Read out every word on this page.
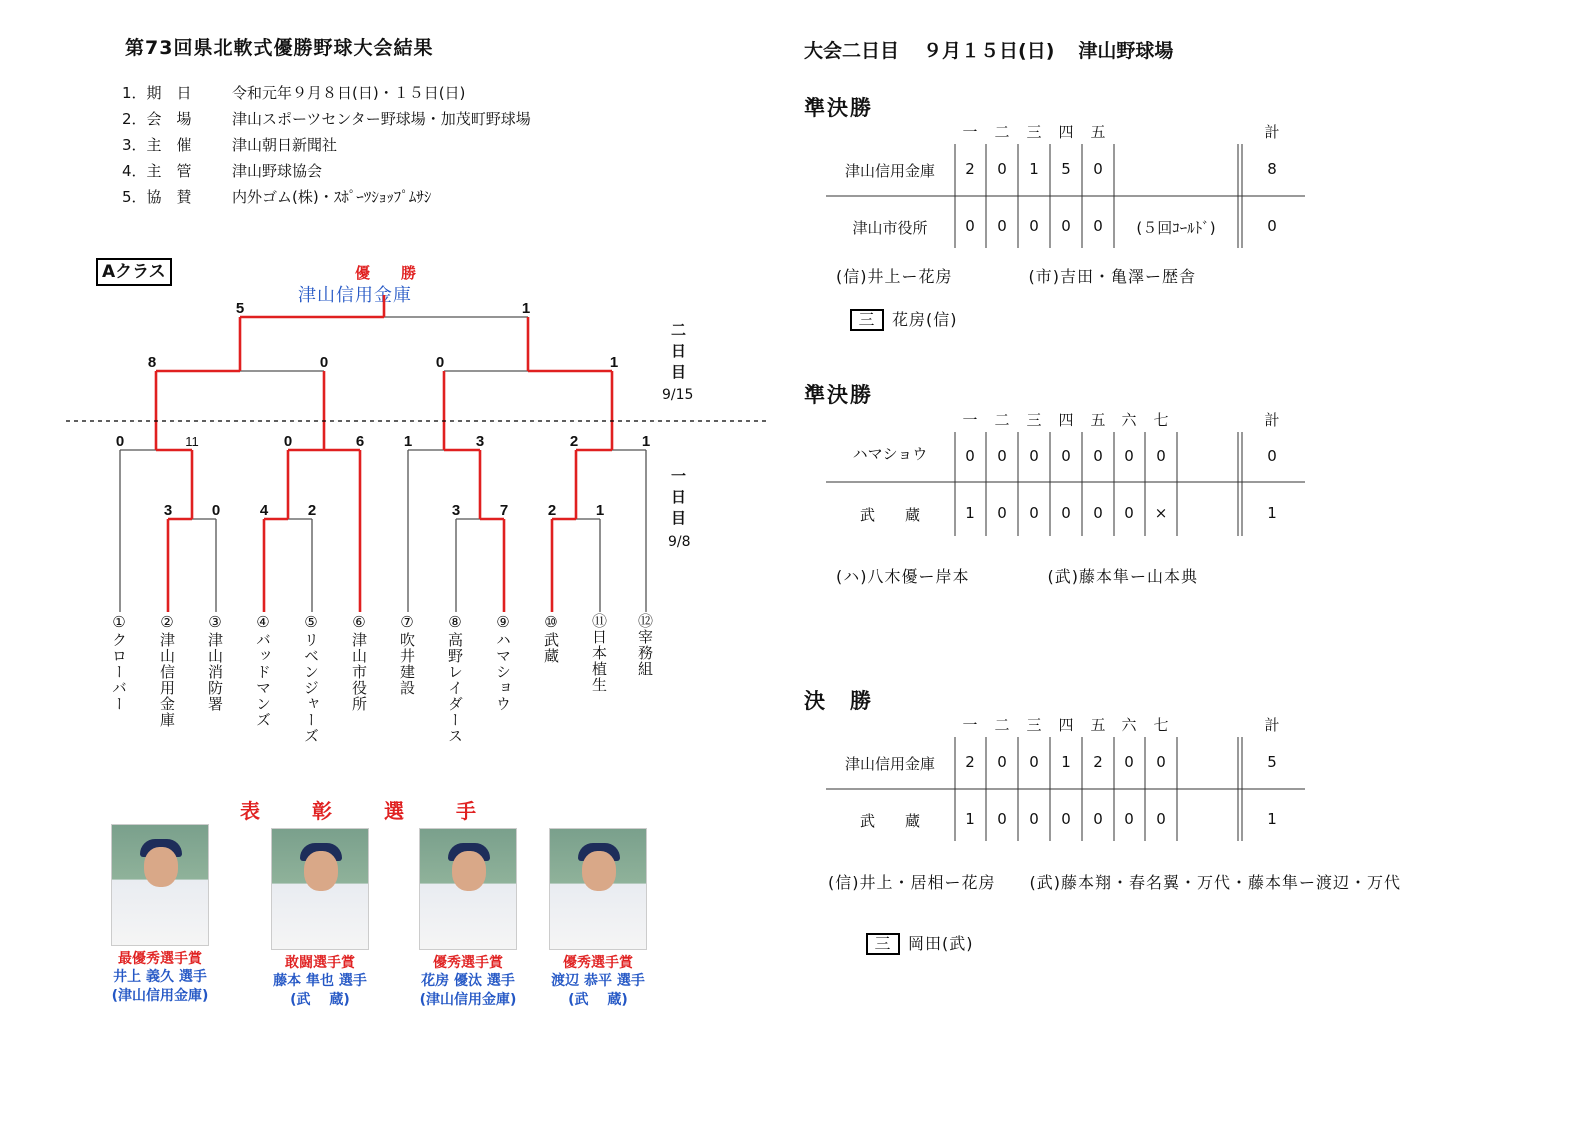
第73回県北軟式優勝野球大会結果
1．期　日	令和元年９月８日(日)・１５日(日)
2．会　場	津山スポーツセンター野球場・加茂町野球場
3．主　催	津山朝日新聞社
4．主　管	津山野球協会
5．協　賛	内外ゴム(株)・ｽﾎﾟｰﾂｼｮｯﾌﾟﾑｻｼ
Aクラス	優　勝
津山信用金庫
5	1
8	0	0	1
0	11	0	6	1	3	2	1
3	0	4	2	3	7	2	1
二日目
9/15
一日目
9/8
①クローバー ②津山信用金庫 ③津山消防署 ④バッドマンズ ⑤リベンジャーズ ⑥津山市役所 ⑦吹井建設 ⑧高野レイダース ⑨ハマショウ ⑩武蔵 ⑪日本植生 ⑫宰務組
表	彰	選	手
最優秀選手賞
井上 義久 選手
(津山信用金庫)
敢闘選手賞
藤本 隼也 選手
(武　 蔵)
優秀選手賞
花房 優汰 選手
(津山信用金庫)
優秀選手賞
渡辺 恭平 選手
(武　 蔵)
大会二日目 ９月１５日(日) 津山野球場
準決勝
一	二	三	四	五	計
津山信用金庫	2	0	1	5	0	8
津山市役所	0	0	0	0	0	(５回ｺｰﾙﾄﾞ)	0
(信)井上ー花房	(市)吉田・亀澤ー歴舎
三 花房(信)
準決勝
一	二	三	四	五	六	七	計
ハマショウ	0	0	0	0	0	0	0	0
武　　蔵	1	0	0	0	0	0	×	1
(ハ)八木優ー岸本	(武)藤本隼ー山本典
決　勝
一	二	三	四	五	六	七	計
津山信用金庫	2	0	0	1	2	0	0	5
武　　蔵	1	0	0	0	0	0	0	1
(信)井上・居相ー花房 (武)藤本翔・春名翼・万代・藤本隼ー渡辺・万代
三 岡田(武)
